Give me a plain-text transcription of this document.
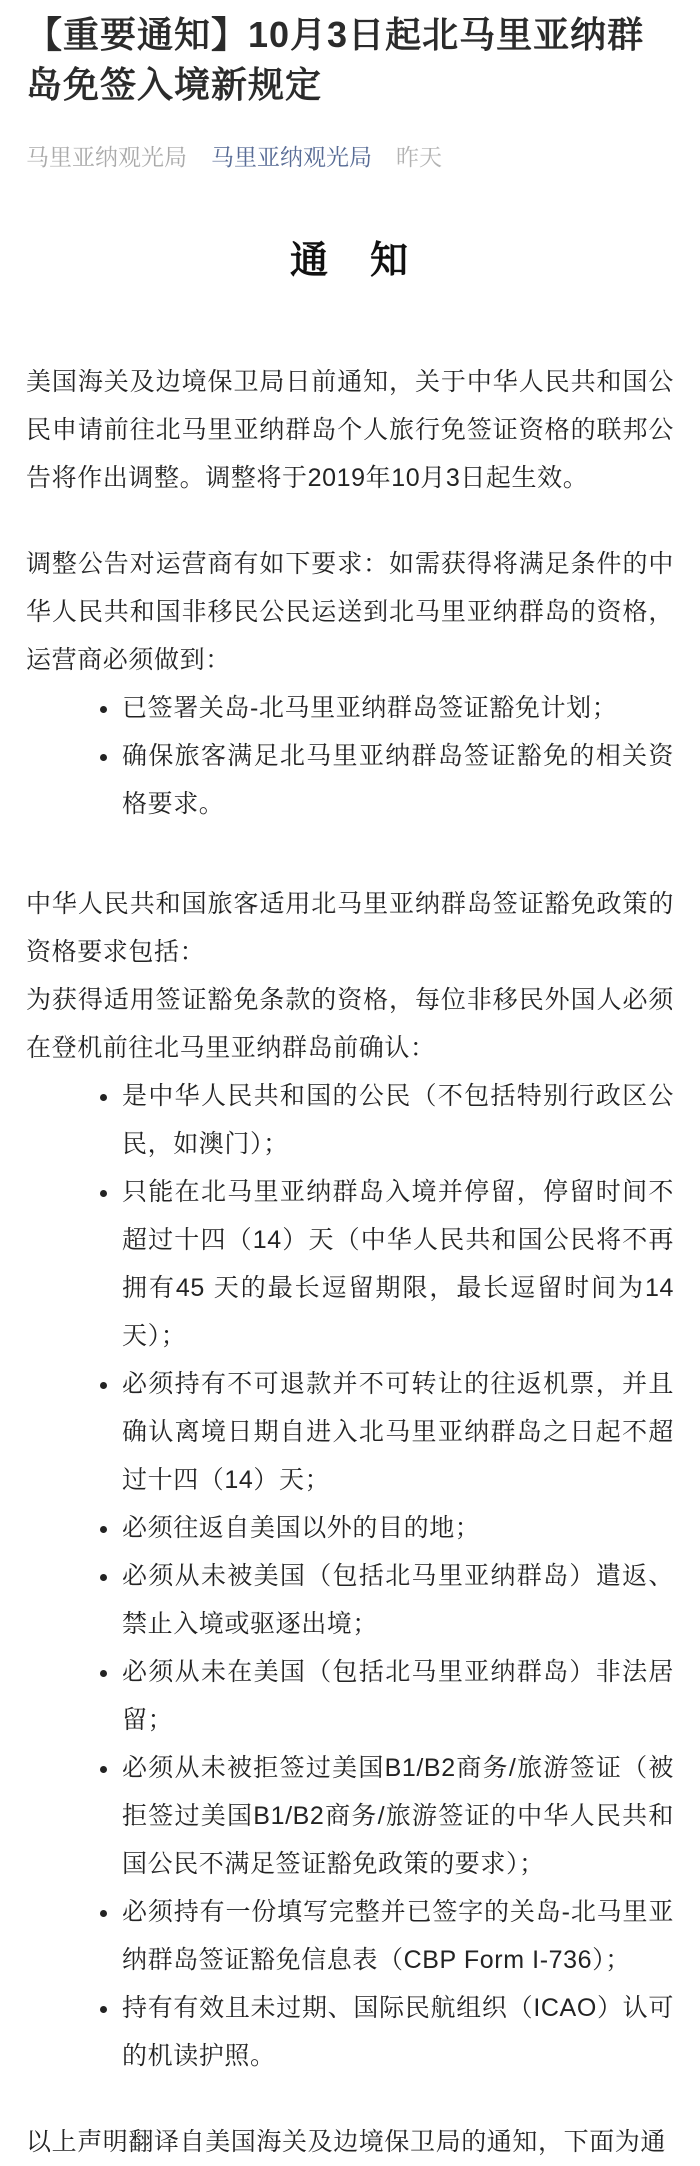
【重要通知】10月3日起北马里亚纳群岛免签入境新规定
马里亚纳观光局 马里亚纳观光局 昨天
通　知

美国海关及边境保卫局日前通知，关于中华人民共和国公民申请前往北马里亚纳群岛个人旅行免签证资格的联邦公告将作出调整。调整将于2019年10月3日起生效。

调整公告对运营商有如下要求：如需获得将满足条件的中华人民共和国非移民公民运送到北马里亚纳群岛的资格，运营商必须做到：

• 已签署关岛-北马里亚纳群岛签证豁免计划；
• 确保旅客满足北马里亚纳群岛签证豁免的相关资格要求。

中华人民共和国旅客适用北马里亚纳群岛签证豁免政策的资格要求包括：

为获得适用签证豁免条款的资格，每位非移民外国人必须在登机前往北马里亚纳群岛前确认：

• 是中华人民共和国的公民（不包括特别行政区公民，如澳门）；
• 只能在北马里亚纳群岛入境并停留，停留时间不超过十四（14）天（中华人民共和国公民将不再拥有45 天的最长逗留期限，最长逗留时间为14 天）；
• 必须持有不可退款并不可转让的往返机票，并且确认离境日期自进入北马里亚纳群岛之日起不超过十四（14）天；
• 必须往返自美国以外的目的地；
• 必须从未被美国（包括北马里亚纳群岛）遣返、禁止入境或驱逐出境；
• 必须从未在美国（包括北马里亚纳群岛）非法居留；
• 必须从未被拒签过美国B1/B2商务/旅游签证（被拒签过美国B1/B2商务/旅游签证的中华人民共和国公民不满足签证豁免政策的要求）；
• 必须持有一份填写完整并已签字的关岛-北马里亚纳群岛签证豁免信息表（CBP Form I-736）；
• 持有有效且未过期、国际民航组织（ICAO）认可的机读护照。

以上声明翻译自美国海关及边境保卫局的通知，下面为通
